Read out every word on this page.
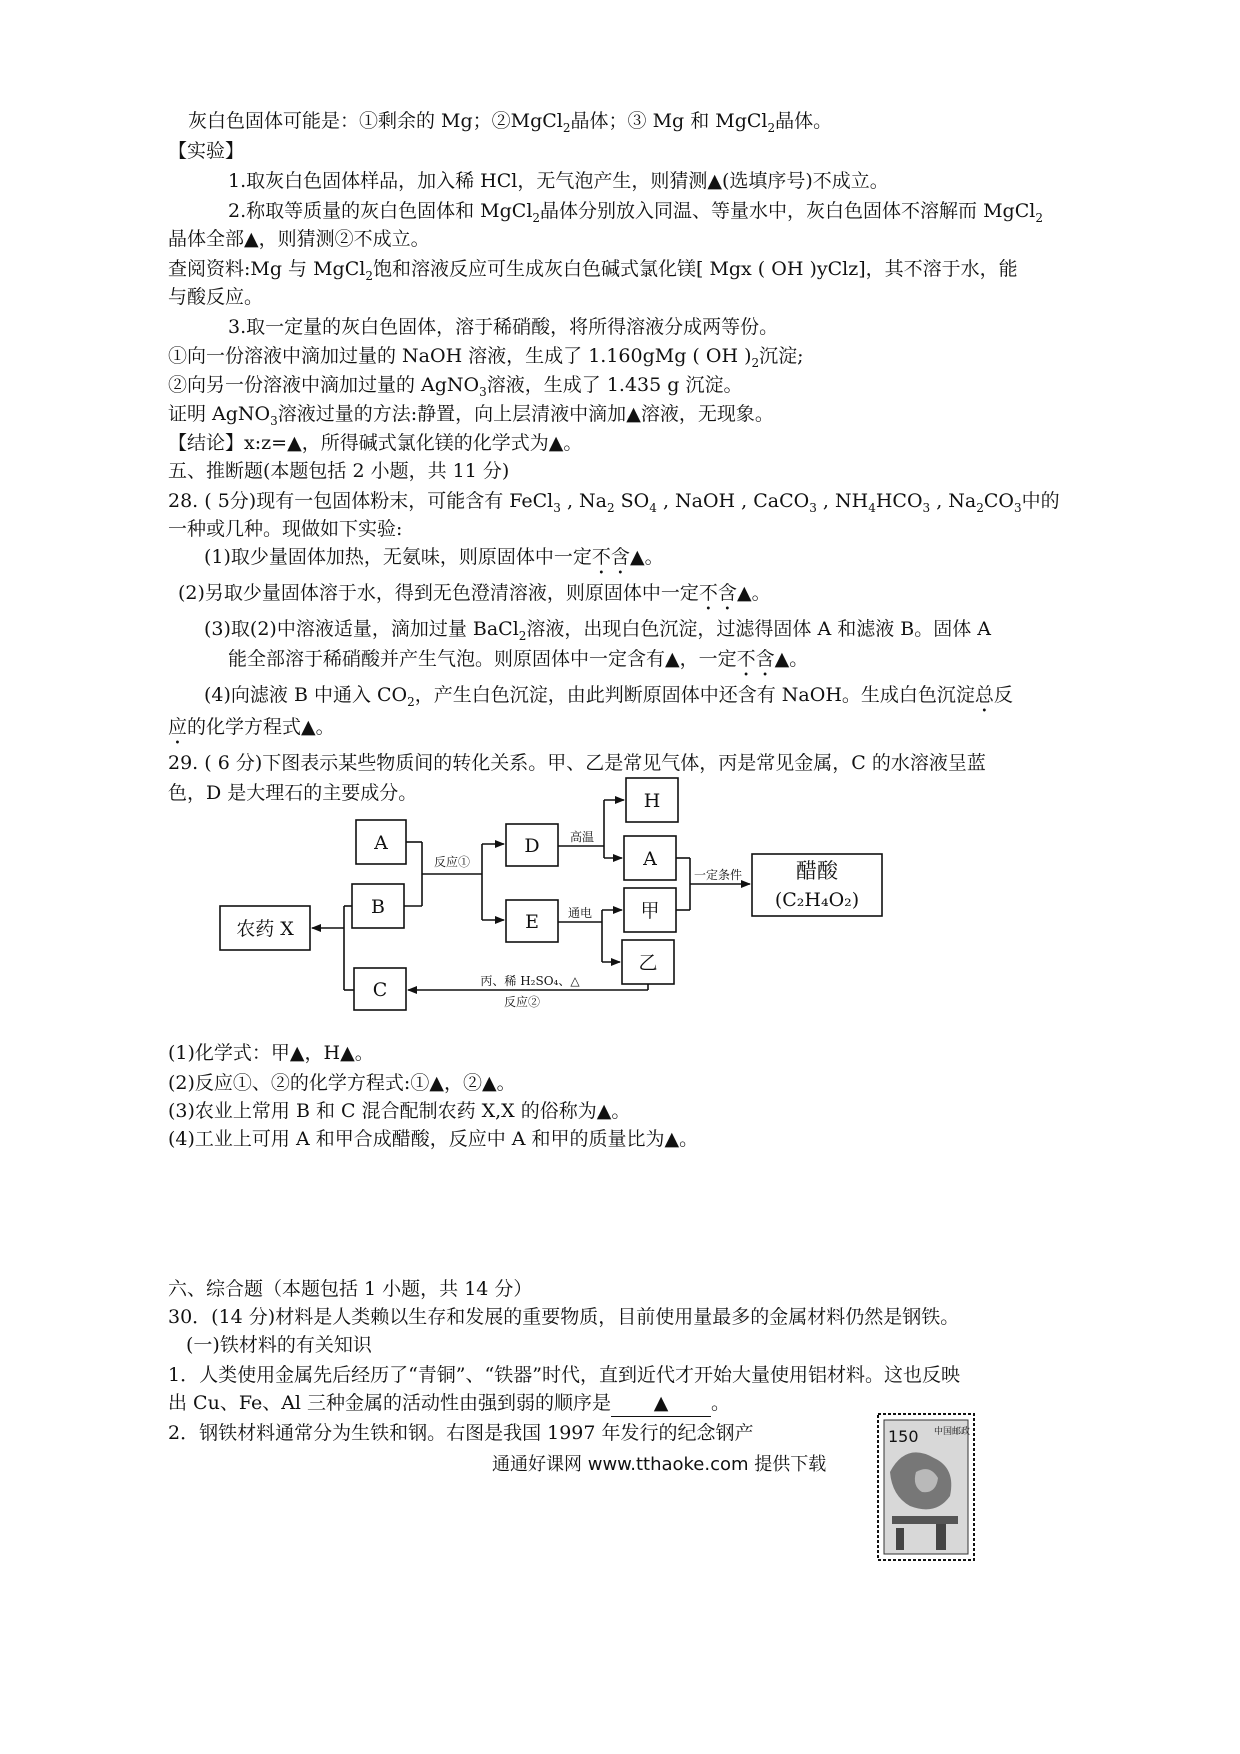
灰白色固体可能是：①剩余的 Mg；②MgCl$_2$晶体；③ Mg 和 MgCl$_2$晶体。
【实验】
1.取灰白色固体样品，加入稀 HCl，无气泡产生，则猜测▲(选填序号)不成立。
2.称取等质量的灰白色固体和 MgCl$_2$晶体分别放入同温、等量水中，灰白色固体不溶解而 MgCl$_2$
晶体全部▲，则猜测②不成立。
查阅资料:Mg 与 MgCl$_2$饱和溶液反应可生成灰白色碱式氯化镁[ Mgx ( OH )yClz]，其不溶于水，能
与酸反应。
3.取一定量的灰白色固体，溶于稀硝酸，将所得溶液分成两等份。
①向一份溶液中滴加过量的 NaOH 溶液，生成了 1.160gMg ( OH )$_2$沉淀;
②向另一份溶液中滴加过量的 AgNO$_3$溶液，生成了 1.435 g 沉淀。
证明 AgNO$_3$溶液过量的方法:静置，向上层清液中滴加▲溶液，无现象。
【结论】x:z=▲，所得碱式氯化镁的化学式为▲。
五、推断题(本题包括 2 小题，共 11 分)
28. ( 5分)现有一包固体粉末，可能含有 FeCl$_3$ , $Na_2$ $SO_4$ , NaOH , CaCO$_3$ , $NH_4HCO_3$ , $Na_2CO_3$中的
一种或几种。现做如下实验:
(1)取少量固体加热，无氨味，则原固体中一定不含▲。
(2)另取少量固体溶于水，得到无色澄清溶液，则原固体中一定不含▲。
(3)取(2)中溶液适量，滴加过量 BaCl$_2$溶液，出现白色沉淀，过滤得固体 A 和滤液 B。固体 A
能全部溶于稀硝酸并产生气泡。则原固体中一定含有▲，一定不含▲。
(4)向滤液 B 中通入 $CO_2$，产生白色沉淀，由此判断原固体中还含有 NaOH。生成白色沉淀总反
应的化学方程式▲。
29. ( 6 分)下图表示某些物质间的转化关系。甲、乙是常见气体，丙是常见金属，C 的水溶液呈蓝
色，D 是大理石的主要成分。
A
B
农药 X
C
D
E
H
A
甲
乙
醋酸
(C₂H₄O₂)
反应①
高温
通电
一定条件
丙、稀 H₂SO₄、△
反应②
(1)化学式：甲▲，H▲。
(2)反应①、②的化学方程式:①▲，②▲。
(3)农业上常用 B 和 C 混合配制农药 X,X 的俗称为▲。
(4)工业上可用 A 和甲合成醋酸，反应中 A 和甲的质量比为▲。
六、综合题（本题包括 1 小题，共 14 分）
30．(14 分)材料是人类赖以生存和发展的重要物质，目前使用量最多的金属材料仍然是钢铁。
(一)铁材料的有关知识
1．人类使用金属先后经历了“青铜”、“铁器”时代，直到近代才开始大量使用铝材料。这也反映
出 Cu、Fe、Al 三种金属的活动性由强到弱的顺序是 ▲ 。
2．钢铁材料通常分为生铁和钢。右图是我国 1997 年发行的纪念钢产	150 中国邮政
通通好课网 www.tthaoke.com 提供下载
